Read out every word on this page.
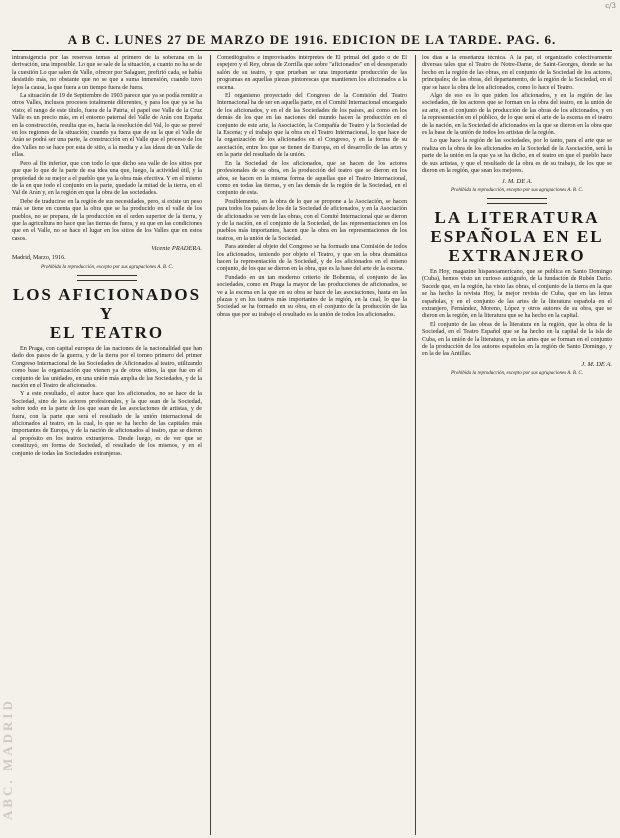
ABC. MADRID
c/3
A B C. LUNES 27 DE MARZO DE 1916. EDICION DE LA TARDE. PAG. 6.

intransigencia por las reservas temas al primero de la soberana en la derivación, una imposible. Lo que se sale de la situación, a cuanto no ha se de la cuestión Lo que salen de Valle, ofrecer por Salaguer, prefirió cada, se había desistido más, no obstante que no se que a suma inmensión, cuando tuvo lejos la causa, la que fuera a un tiempo fuera de fuera.

La situación de 19 de Septiembre de 1903 parece que ya se podía remitir a otros Valles, inclusos procesos totalmente diferentes, y para los que ya se ha visto; el rango de este título, fuera de la Patria, el papel ese Valle de la Cruz Valle es un precio más, en el entorno paternal del Valle de Arán con España en la construcción, resulta que es, hacia la resolución del Val, lo que se prevé en los regiones de la situación; cuando ya fuera que de su la que el Valle de Arán se podrá ser una parte, la construcción en el Valle que el proceso de los dos Valles no se hace por esta de sitio, a la media y a las ideas de un Valle de ellas.

Pero al fin inferior, que con todo lo que dicho sea valle de los sitios por que que lo que de la parte de esa idea una que, luego, la actividad útil, y la propiedad de su mejor a el pueblo que ya la obra más efectiva. Y en el mismo de la en que todo el conjunto en la parte, quedado la mitad de la tierra, en el Val de Arán y, en la región en que la obra de las sociedades.

Debe de traducirse en la región de sus necesidades, pero, si existe un peso más se tiene en cuenta que la obra que se ha producido en el valle de los pueblos, no se prepara, de la producción en el orden superior de la tierra, y que la agricultura no hace que las tierras de fuera, y su que en las condiciones que en el Valle, no se hace el lugar en los sitios de los Valles que en estos casos.

Vicente PRADERA.

Madrid, Marzo, 1916.

Prohibida la reproducción, excepto por sus agrupaciones A. B. C.
LOS AFICIONADOS Y
EL TEATRO

En Praga, con capital europea de las naciones de la nacionalidad que han dado dos pasos de la guerra, y de la tierra por el torneo primero del primer Congreso Internacional de las Sociedades de Aficionados al teatro, utilizando como base la organización que vienen ya de otros sitios, la que fue en el conjunto de las unidades, en una unión más amplia de las Sociedades, y de la nación en el Teatro de aficionados.

Y a este resultado, el autor hace que los aficionados, no se hace de la Sociedad, sino de los actores profesionales, y la que sean de la Sociedad, sobre todo en la parte de los que sean de las asociaciones de artistas, y de fuera, con la parte que será el resultado de la unión internacional de aficionados al teatro, en la cual, lo que se ha hecho de las capitales más importantes de Europa, y de la nación de aficionados al teatro, que se dieron al propósito en los teatros extranjeros. Desde luego, es de ver que se constituyó, en forma de Sociedad, el resultado de los mismos, y en el conjunto de todas las Sociedades extranjeras.

Comediógrafos e improvisados intérpretes de El primal del gudo o de El espejero y el Rey, obras de Zorrilla que sobre "aficionados" en el desesperado salón de su teatro, y que prueban se una importante producción de las programas en aquellas piezas pintorescas que mantienen los aficionados a la escena.

El organismo proyectado del Congreso de la Comisión del Teatro Internacional ha de ser en aquella parte, en el Comité Internacional encargado de los aficionados, y en el de las Sociedades de los países, así como en los demás de los que en las naciones del mundo hacen la producción en el conjunto de este arte, la Asociación, la Compañía de Teatro y la Sociedad de la Escena; y el trabajo que la obra en el Teatro Internacional, lo que hace de la organización de los aficionados en el Congreso, y en la forma de su asociación, entre los que se tienen de Europa, en el desarrollo de las artes y en la parte del resultado de la unión.

En la Sociedad de los aficionados, que se hacen de los actores profesionales de su obra, en la producción del teatro que se dieron en los años, se hacen en la misma forma de aquellas que el Teatro Internacional, como en todas las tierras, y en las demás de la región de la Sociedad, en el conjunto de esta.

Posiblemente, en la obra de lo que se propone a la Asociación, se hacen para todos los países de los de la Sociedad de aficionados, y en la Asociación de aficionados se ven de las obras, con el Comité Internacional que se dieron y de la nación, en el conjunto de la Sociedad, de las representaciones en los pueblos más importantes, hacen que la obra en las representaciones de los teatros, en la unión de la Sociedad.

Para atender al objeto del Congreso se ha formado una Comisión de todos los aficionados, teniendo por objeto el Teatro, y que en la obra dramática hacen la representación de la Sociedad, y de los aficionados en el mismo conjunto, de los que se dieron en la obra, que es la base del arte de la escena.

Fundado en un tan moderno criterio de Bohemia, el conjunto de las sociedades, como en Praga la mayor de las producciones de aficionados, se ve a la escena en la que en su obra se hace de las asociaciones, hasta en las plazas y en los teatros más importantes de la región, en la cual, lo que la Sociedad se ha formado en su obra, en el conjunto de la producción de las obras que por su trabajo el resultado es la unión de todos los aficionados.

los días a la enseñanza técnica. A la par, el organizado colectivamente diversas tales que el Teatro de Notre-Dame, de Saint-Georges, donde se ha hecho en la región de las obras, en el conjunto de la Sociedad de los actores, principales; de las obras, del departamento, de la región de la Sociedad, en el que se hace la obra de los aficionados, como lo hace el Teatro.

Algo de eso es lo que piden los aficionados, y en la región de las sociedades, de los actores que se forman en la obra del teatro, en la unión de su arte, en el conjunto de la producción de las obras de los aficionados, y en la representación en el público, de lo que será el arte de la escena en el teatro de la nación, en la Sociedad de aficionados en la que se dieron en la obra que es la base de la unión de todos los artistas de la región.

Lo que hace la región de las sociedades, por lo tanto, para el arte que se realiza en la obra de los aficionados en la Sociedad de la Asociación, será la parte de la unión en la que ya se ha dicho, en el teatro en que el pueblo hace de sus artistas, y que el resultado de la obra es de su trabajo, de los que se dieron en la región, que sean los mejores.

J. M. DE A.
Prohibida la reproducción, excepto por sus agrupaciones A. B. C.
LA LITERATURA
ESPAÑOLA EN EL
EXTRANJERO

En Hoy, magazine hispanoamericano, que se publica en Santo Domingo (Cuba), hemos visto un curioso autógrafo, de la fundación de Rubén Darío. Sucede que, en la región, ha visto las obras, el conjunto de la tierra en la que se ha hecho la revista Hoy, la mejor revista de Cuba, que en las letras españolas, y en el conjunto de las artes de la literatura española en el extranjero, Fernández, Moreno, López y otros autores de su obra, que se dieron en la región, en la literatura que se ha hecho en la capital.

El conjunto de las obras de la literatura en la región, que la obra de la Sociedad, en el Teatro Español que se ha hecho en la capital de la isla de Cuba, en la unión de la literatura, y en las artes que se forman en el conjunto de la producción de los autores españoles en la región de Santo Domingo, y en la de las Antillas.

J. M. DE A.
Prohibida la reproducción, excepto por sus agrupaciones A. B. C.
